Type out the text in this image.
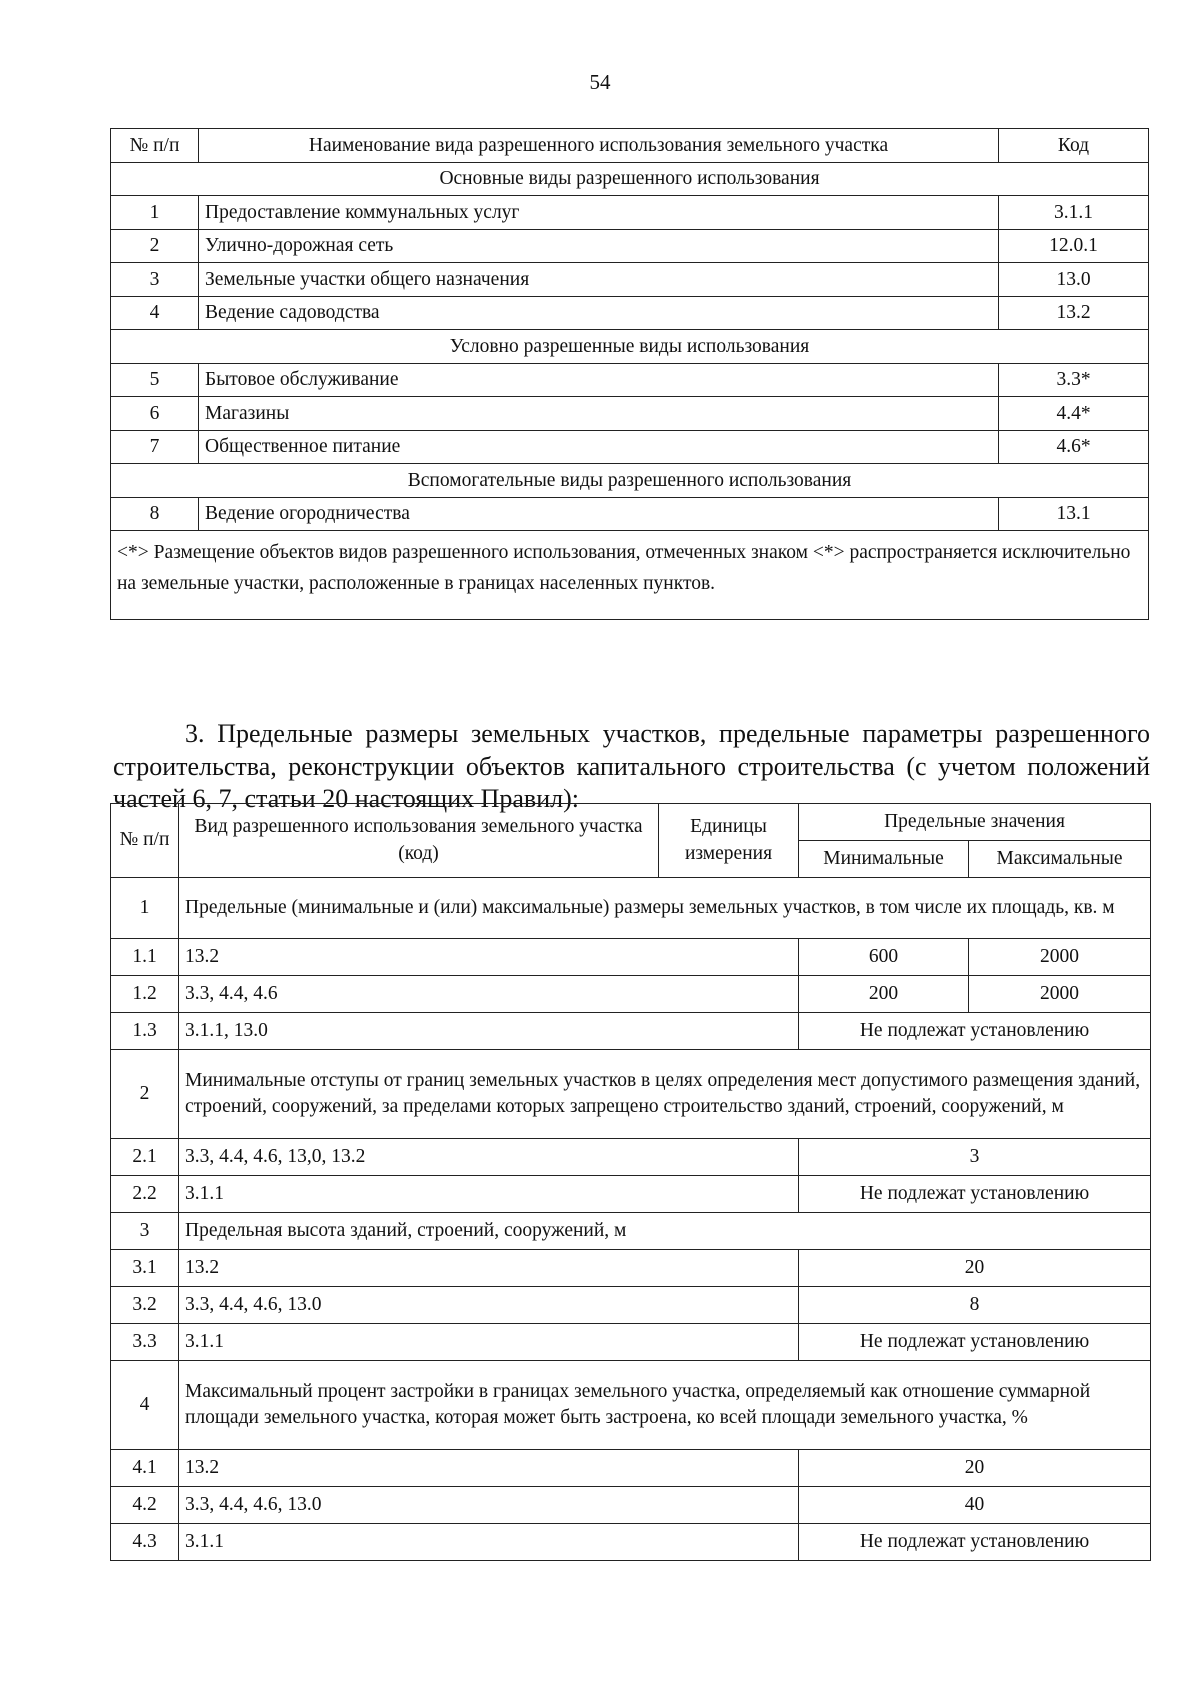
54
№ п/п	Наименование вида разрешенного использования земельного участка	Код
Основные виды разрешенного использования		
1	Предоставление коммунальных услуг	3.1.1
2	Улично-дорожная сеть	12.0.1
3	Земельные участки общего назначения	13.0
4	Ведение садоводства	13.2
Условно разрешенные виды использования		
5	Бытовое обслуживание	3.3*
6	Магазины	4.4*
7	Общественное питание	4.6*
Вспомогательные виды разрешенного использования		
8	Ведение огородничества	13.1
<*> Размещение объектов видов разрешенного использования, отмеченных знаком <*> распространяется исключительно на земельные участки, расположенные в границах населенных пунктов.		

3. Предельные размеры земельных участков, предельные параметры разрешенного строительства, реконструкции объектов капитального строительства (с учетом положений частей 6, 7, статьи 20 настоящих Правил):

№ п/п	Вид разрешенного использования земельного участка (код)	Единицы измерения	Предельные значения	
			Минимальные	Максимальные
1	Предельные (минимальные и (или) максимальные) размеры земельных участков, в том числе их площадь, кв. м			
1.1	13.2		600	2000
1.2	3.3, 4.4, 4.6		200	2000
1.3	3.1.1, 13.0		Не подлежат установлению	
2	Минимальные отступы от границ земельных участков в целях определения мест допустимого размещения зданий, строений, сооружений, за пределами которых запрещено строительство зданий, строений, сооружений, м			
2.1	3.3, 4.4, 4.6, 13,0, 13.2		3	
2.2	3.1.1		Не подлежат установлению	
3	Предельная высота зданий, строений, сооружений, м			
3.1	13.2		20	
3.2	3.3, 4.4, 4.6, 13.0		8	
3.3	3.1.1		Не подлежат установлению	
4	Максимальный процент застройки в границах земельного участка, определяемый как отношение суммарной площади земельного участка, которая может быть застроена, ко всей площади земельного участка, %			
4.1	13.2		20	
4.2	3.3, 4.4, 4.6, 13.0		40	
4.3	3.1.1		Не подлежат установлению	
